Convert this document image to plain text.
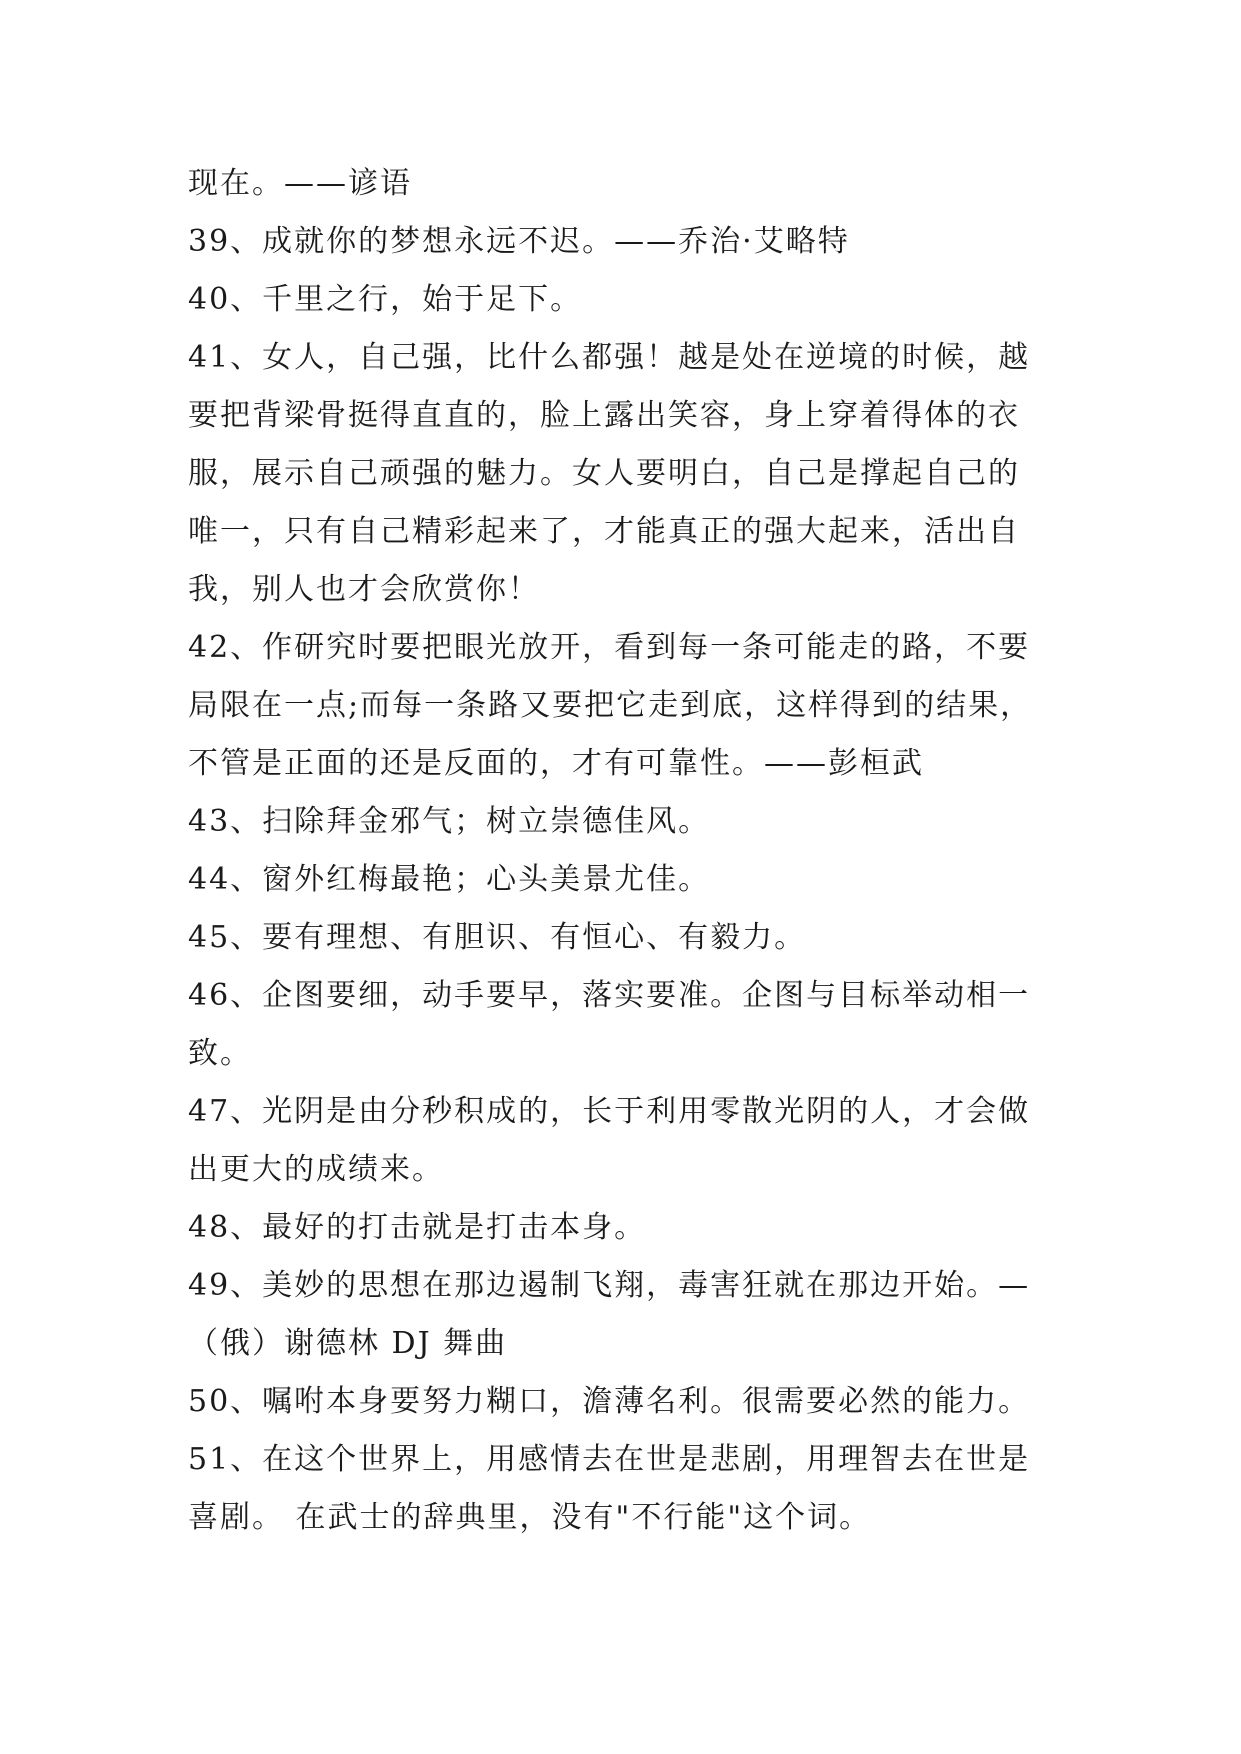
现在。——谚语
39、成就你的梦想永远不迟。——乔治·艾略特
40、千里之行，始于足下。
41、女人，自己强，比什么都强！越是处在逆境的时候，越
要把背梁骨挺得直直的，脸上露出笑容，身上穿着得体的衣
服，展示自己顽强的魅力。女人要明白，自己是撑起自己的
唯一，只有自己精彩起来了，才能真正的强大起来，活出自
我，别人也才会欣赏你！
42、作研究时要把眼光放开，看到每一条可能走的路，不要
局限在一点;而每一条路又要把它走到底，这样得到的结果，
不管是正面的还是反面的，才有可靠性。——彭桓武
43、扫除拜金邪气；树立崇德佳风。
44、窗外红梅最艳；心头美景尤佳。
45、要有理想、有胆识、有恒心、有毅力。
46、企图要细，动手要早，落实要准。企图与目标举动相一
致。
47、光阴是由分秒积成的，长于利用零散光阴的人，才会做
出更大的成绩来。
48、最好的打击就是打击本身。
49、美妙的思想在那边遏制飞翔，毒害狂就在那边开始。—
（俄）谢德林 DJ 舞曲
50、嘱咐本身要努力糊口，澹薄名利。很需要必然的能力。
51、在这个世界上，用感情去在世是悲剧，用理智去在世是
喜剧。 在武士的辞典里，没有"不行能"这个词。
